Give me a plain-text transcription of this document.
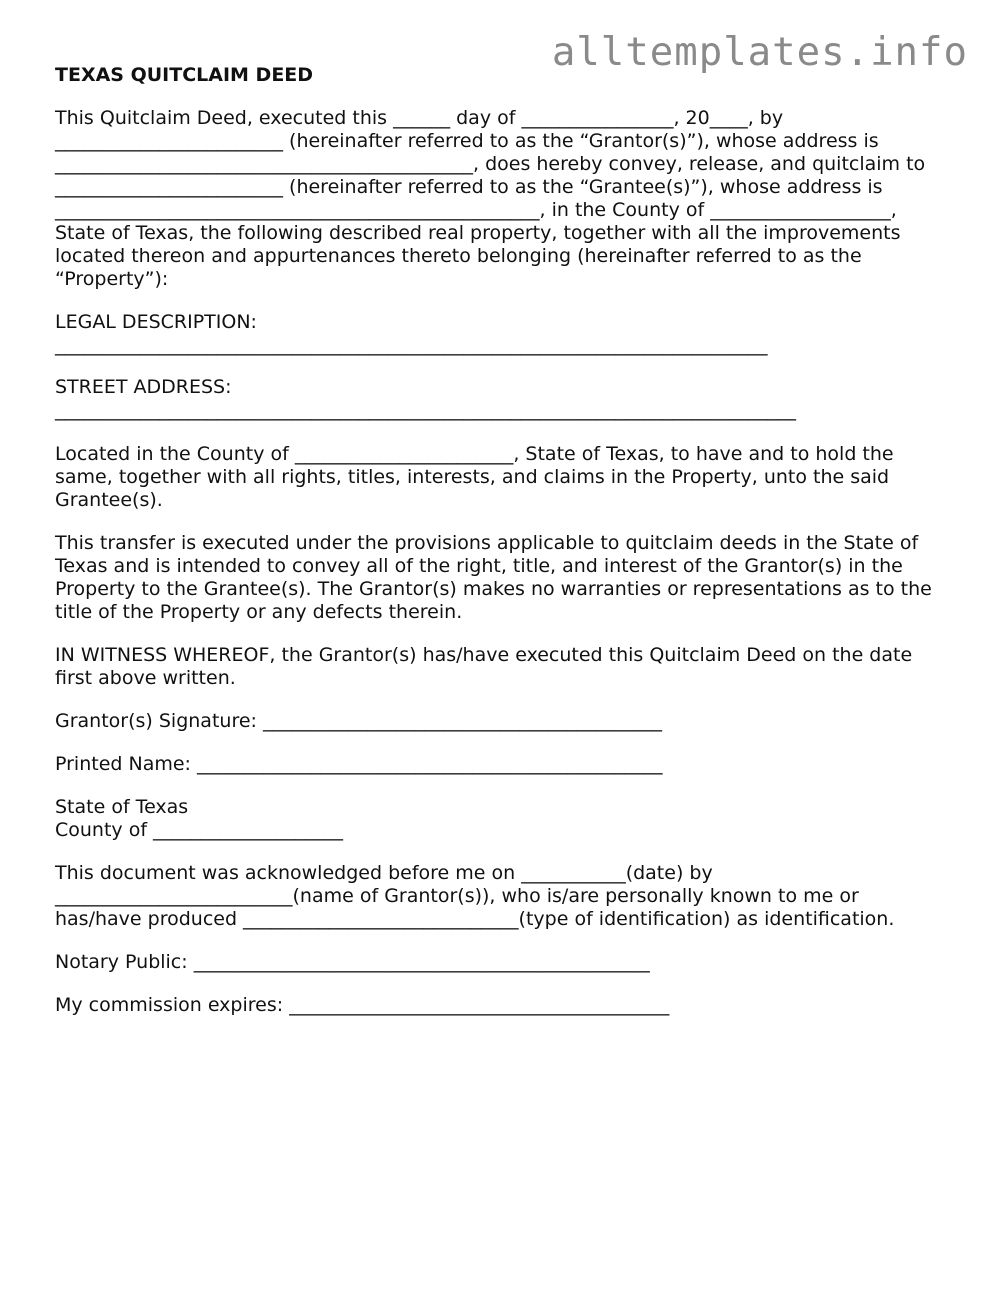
alltemplates.info
TEXAS QUITCLAIM DEED

This Quitclaim Deed, executed this ______ day of ________________, 20____, by ________________________ (hereinafter referred to as the “Grantor(s)”), whose address is ____________________________________________, does hereby convey, release, and quitclaim to ________________________ (hereinafter referred to as the “Grantee(s)”), whose address is ___________________________________________________, in the County of ___________________, State of Texas, the following described real property, together with all the improvements located thereon and appurtenances thereto belonging (hereinafter referred to as the “Property”):

LEGAL DESCRIPTION:
___________________________________________________________________________
STREET ADDRESS:
______________________________________________________________________________

Located in the County of _______________________, State of Texas, to have and to hold the same, together with all rights, titles, interests, and claims in the Property, unto the said Grantee(s).

This transfer is executed under the provisions applicable to quitclaim deeds in the State of Texas and is intended to convey all of the right, title, and interest of the Grantor(s) in the Property to the Grantee(s). The Grantor(s) makes no warranties or representations as to the title of the Property or any defects therein.

IN WITNESS WHEREOF, the Grantor(s) has/have executed this Quitclaim Deed on the date first above written.

Grantor(s) Signature: __________________________________________
Printed Name: _________________________________________________
State of Texas
County of ____________________

This document was acknowledged before me on ___________(date) by _________________________(name of Grantor(s)), who is/are personally known to me or has/have produced _____________________________(type of identification) as identification.

Notary Public: ________________________________________________
My commission expires: ________________________________________
